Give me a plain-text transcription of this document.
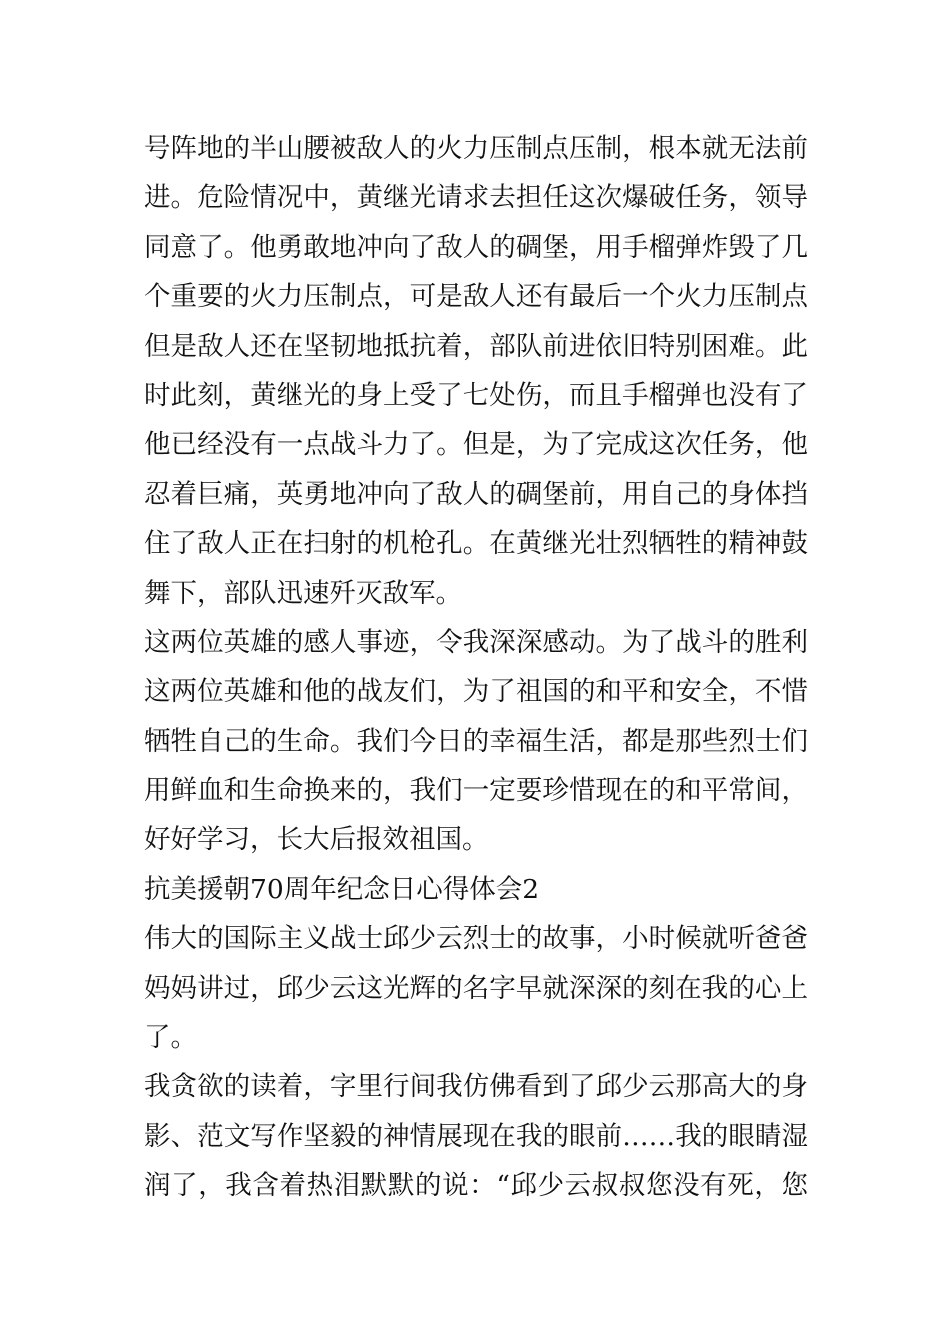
号阵地的半山腰被敌人的火力压制点压制，根本就无法前
进。危险情况中，黄继光请求去担任这次爆破任务，领导
同意了。他勇敢地冲向了敌人的碉堡，用手榴弹炸毁了几
个重要的火力压制点，可是敌人还有最后一个火力压制点
但是敌人还在坚韧地抵抗着，部队前进依旧特别困难。此
时此刻，黄继光的身上受了七处伤，而且手榴弹也没有了
他已经没有一点战斗力了。但是，为了完成这次任务，他
忍着巨痛，英勇地冲向了敌人的碉堡前，用自己的身体挡
住了敌人正在扫射的机枪孔。在黄继光壮烈牺牲的精神鼓
舞下，部队迅速歼灭敌军。
这两位英雄的感人事迹，令我深深感动。为了战斗的胜利
这两位英雄和他的战友们，为了祖国的和平和安全，不惜
牺牲自己的生命。我们今日的幸福生活，都是那些烈士们
用鲜血和生命换来的，我们一定要珍惜现在的和平常间，
好好学习，长大后报效祖国。
抗美援朝70周年纪念日心得体会2
伟大的国际主义战士邱少云烈士的故事，小时候就听爸爸
妈妈讲过，邱少云这光辉的名字早就深深的刻在我的心上
了。
我贪欲的读着，字里行间我仿佛看到了邱少云那高大的身
影、范文写作坚毅的神情展现在我的眼前……我的眼睛湿
润了，我含着热泪默默的说：“邱少云叔叔您没有死，您
